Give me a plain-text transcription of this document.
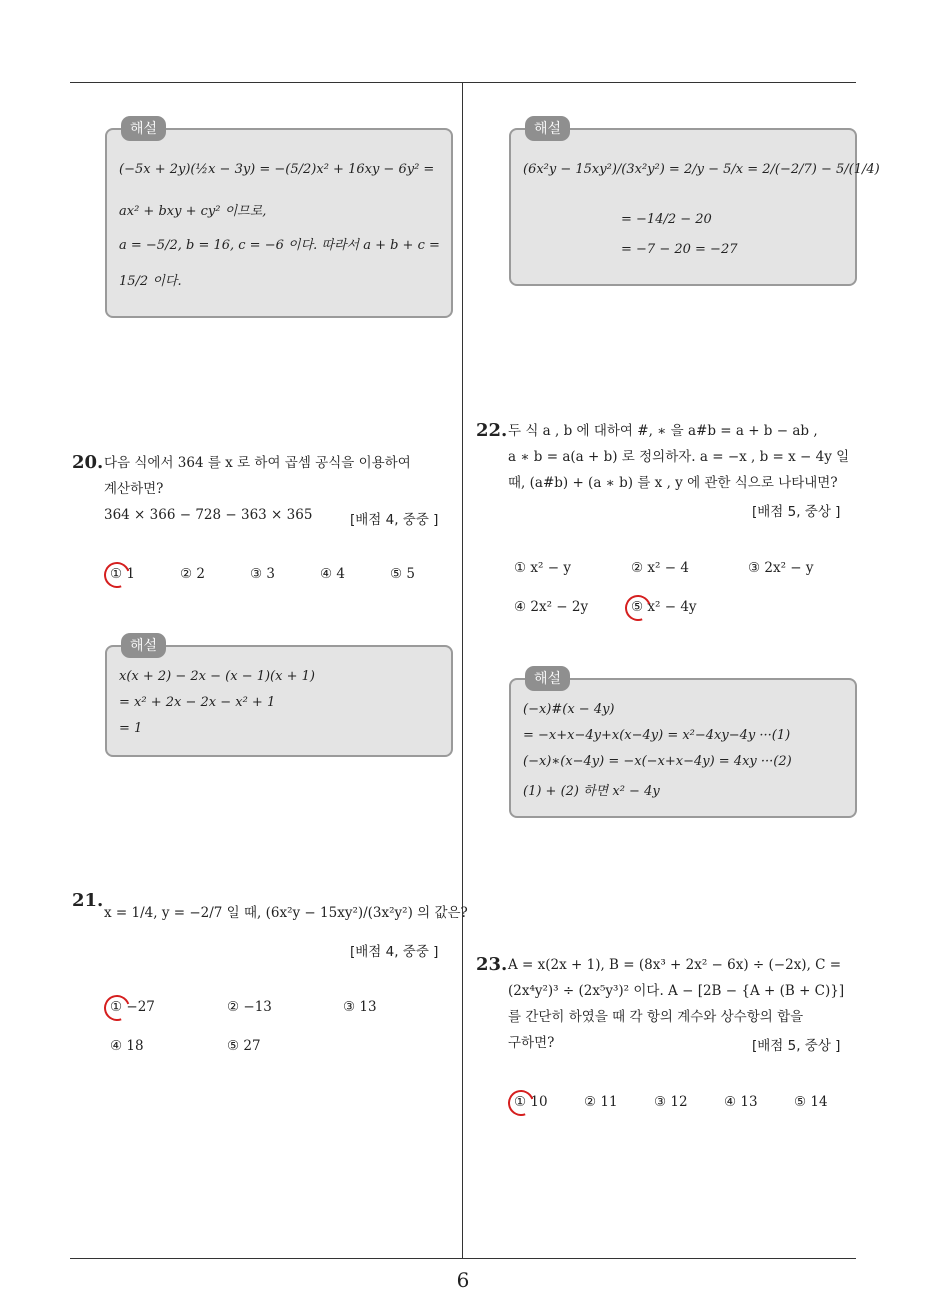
해설
(−5x + 2y)(½x − 3y) = −(5/2)x² + 16xy − 6y² =
ax² + bxy + cy² 이므로,
a = −5/2, b = 16, c = −6 이다. 따라서 a + b + c =
15/2 이다.
해설
(6x²y − 15xy²)/(3x²y²) = 2/y − 5/x = 2/(−2/7) − 5/(1/4)
= −14/2 − 20
= −7 − 20 = −27
20. 다음 식에서 364 를 x 로 하여 곱셈 공식을 이용하여
계산하면?
364 × 366 − 728 − 363 × 365	[배점 4, 중중 ]
① 1	② 2	③ 3	④ 4	⑤ 5
해설
x(x + 2) − 2x − (x − 1)(x + 1)
= x² + 2x − 2x − x² + 1
= 1
21.
x = 1/4, y = −2/7 일 때, (6x²y − 15xy²)/(3x²y²) 의 값은?
[배점 4, 중중 ]
① −27	② −13	③ 13
④ 18	⑤ 27
22. 두 식 a , b 에 대하여 #, ∗ 을 a#b = a + b − ab ,
a ∗ b = a(a + b) 로 정의하자. a = −x , b = x − 4y 일
때, (a#b) + (a ∗ b) 를 x , y 에 관한 식으로 나타내면?
[배점 5, 중상 ]
① x² − y	② x² − 4	③ 2x² − y
④ 2x² − 2y	⑤ x² − 4y
해설
(−x)#(x − 4y)
= −x+x−4y+x(x−4y) = x²−4xy−4y ···(1)
(−x)∗(x−4y) = −x(−x+x−4y) = 4xy ···(2)
(1) + (2) 하면 x² − 4y
23. A = x(2x + 1), B = (8x³ + 2x² − 6x) ÷ (−2x), C =
(2x⁴y²)³ ÷ (2x⁵y³)² 이다. A − [2B − {A + (B + C)}]
를 간단히 하였을 때 각 항의 계수와 상수항의 합을
구하면?	[배점 5, 중상 ]
① 10	② 11	③ 12	④ 13	⑤ 14
6
